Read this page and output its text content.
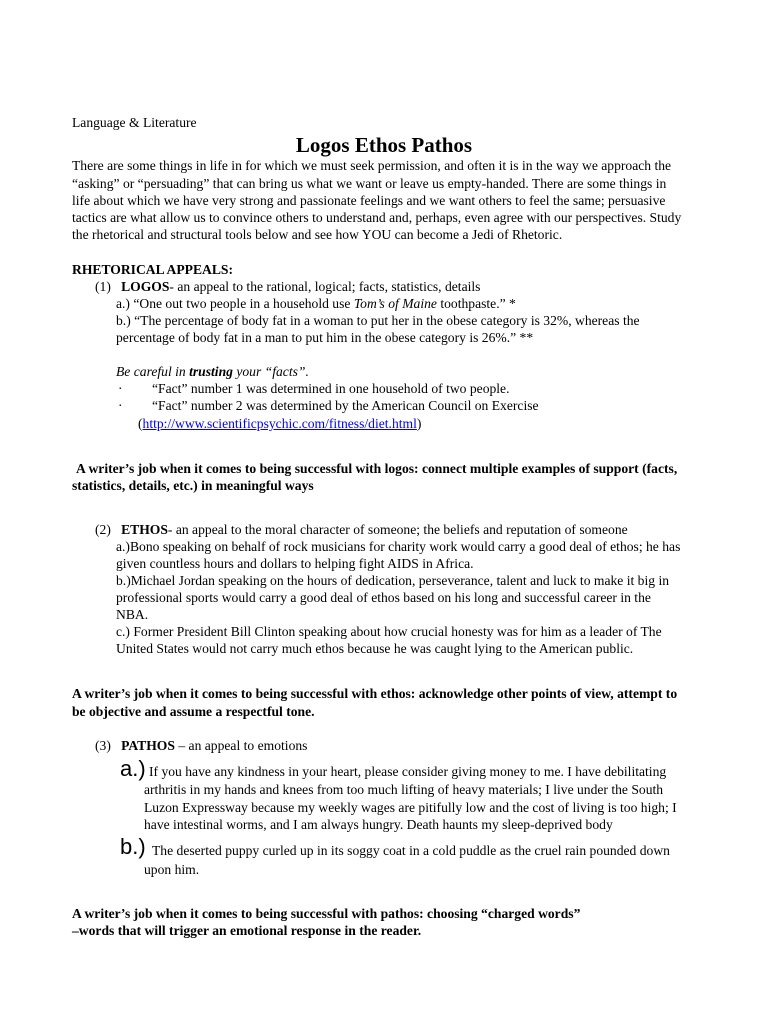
Language & Literature
Logos Ethos Pathos
There are some things in life in for which we must seek permission, and often it is in the way we approach the
“asking” or “persuading” that can bring us what we want or leave us empty-handed. There are some things in
life about which we have very strong and passionate feelings and we want others to feel the same; persuasive
tactics are what allow us to convince others to understand and, perhaps, even agree with our perspectives. Study
the rhetorical and structural tools below and see how YOU can become a Jedi of Rhetoric.
RHETORICAL APPEALS:
(1) LOGOS- an appeal to the rational, logical; facts, statistics, details
a.) “One out two people in a household use Tom’s of Maine toothpaste.” *
b.) “The percentage of body fat in a woman to put her in the obese category is 32%, whereas the
percentage of body fat in a man to put him in the obese category is 26%.” **
Be careful in trusting your “facts”.
· “Fact” number 1 was determined in one household of two people.
· “Fact” number 2 was determined by the American Council on Exercise
(http://www.scientificpsychic.com/fitness/diet.html)
A writer’s job when it comes to being successful with logos: connect multiple examples of support (facts,
statistics, details, etc.) in meaningful ways
(2) ETHOS- an appeal to the moral character of someone; the beliefs and reputation of someone
a.)Bono speaking on behalf of rock musicians for charity work would carry a good deal of ethos; he has
given countless hours and dollars to helping fight AIDS in Africa.
b.)Michael Jordan speaking on the hours of dedication, perseverance, talent and luck to make it big in
professional sports would carry a good deal of ethos based on his long and successful career in the
NBA.
c.) Former President Bill Clinton speaking about how crucial honesty was for him as a leader of The
United States would not carry much ethos because he was caught lying to the American public.
A writer’s job when it comes to being successful with ethos: acknowledge other points of view, attempt to
be objective and assume a respectful tone.
(3) PATHOS – an appeal to emotions
a.) If you have any kindness in your heart, please consider giving money to me. I have debilitating
arthritis in my hands and knees from too much lifting of heavy materials; I live under the South
Luzon Expressway because my weekly wages are pitifully low and the cost of living is too high; I
have intestinal worms, and I am always hungry. Death haunts my sleep-deprived body
b.) The deserted puppy curled up in its soggy coat in a cold puddle as the cruel rain pounded down
upon him.
A writer’s job when it comes to being successful with pathos: choosing “charged words”
–words that will trigger an emotional response in the reader.
